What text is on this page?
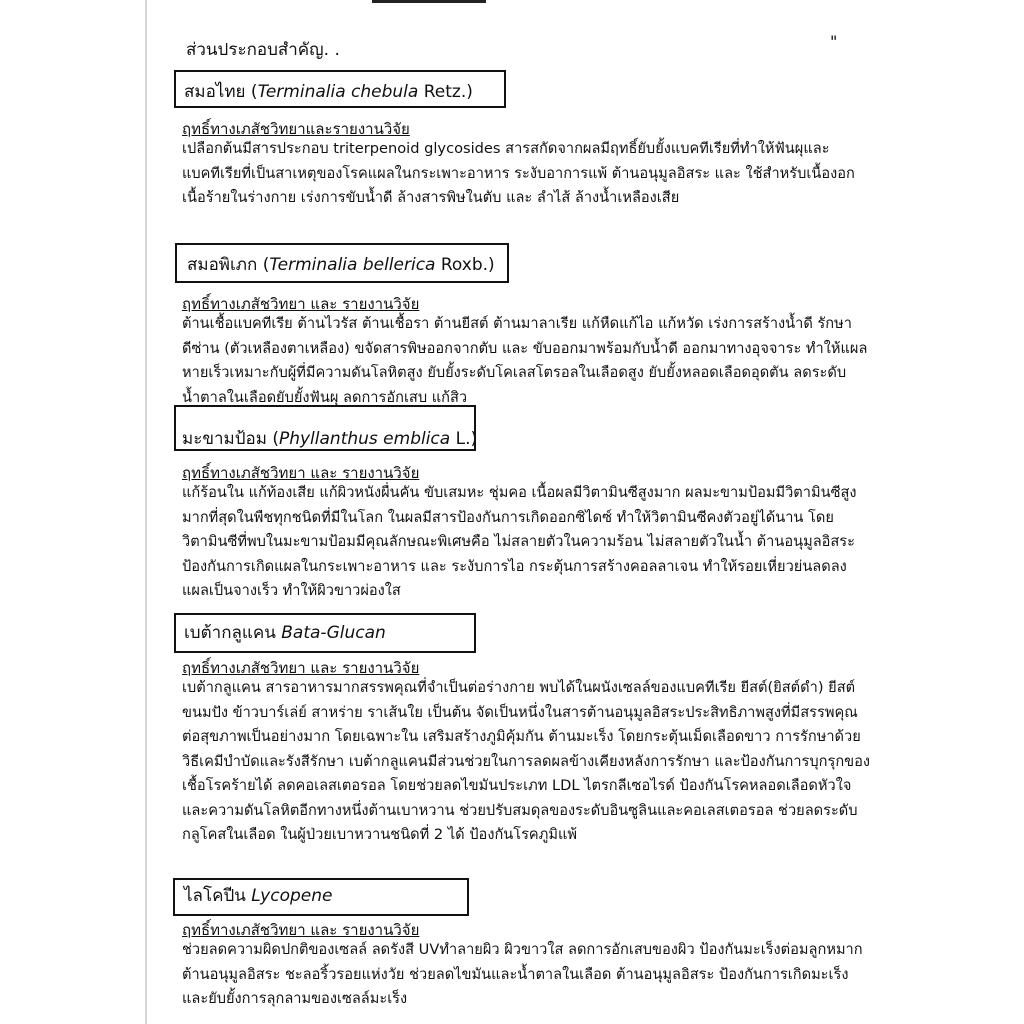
ส่วนประกอบสำคัญ. .	"
สมอไทย (Terminalia chebula Retz.)
ฤทธิ์ทางเภสัชวิทยาและรายงานวิจัย
เปลือกต้นมีสารประกอบ triterpenoid glycosides สารสกัดจากผลมีฤทธิ์ยับยั้งแบคทีเรียที่ทำให้ฟันผุและแบคทีเรียที่เป็นสาเหตุของโรคแผลในกระเพาะอาหาร ระงับอาการแพ้ ต้านอนุมูลอิสระ และ ใช้สำหรับเนื้องอก เนื้อร้ายในร่างกาย เร่งการขับน้ำดี ล้างสารพิษในตับ และ ลำไส้ ล้างน้ำเหลืองเสีย
สมอพิเภก (Terminalia bellerica Roxb.)
ฤทธิ์ทางเภสัชวิทยา และ รายงานวิจัย
ต้านเชื้อแบคทีเรีย ต้านไวรัส ต้านเชื้อรา ต้านยีสต์ ต้านมาลาเรีย แก้หืดแก้ไอ แก้หวัด เร่งการสร้างน้ำดี รักษาดีซ่าน (ตัวเหลืองตาเหลือง) ขจัดสารพิษออกจากตับ และ ขับออกมาพร้อมกับน้ำดี ออกมาทางอุจจาระ ทำให้แผลหายเร็วเหมาะกับผู้ที่มีความดันโลหิตสูง ยับยั้งระดับโคเลสโตรอลในเลือดสูง ยับยั้งหลอดเลือดอุดตัน ลดระดับน้ำตาลในเลือดยับยั้งฟันผุ ลดการอักเสบ แก้สิว
มะขามป้อม (Phyllanthus emblica L.)
ฤทธิ์ทางเภสัชวิทยา และ รายงานวิจัย
แก้ร้อนใน แก้ท้องเสีย แก้ผิวหนังผื่นคัน ขับเสมหะ ชุ่มคอ เนื้อผลมีวิตามินซีสูงมาก ผลมะขามป้อมมีวิตามินซีสูงมากที่สุดในพืชทุกชนิดที่มีในโลก ในผลมีสารป้องกันการเกิดออกซิไดซ์ ทำให้วิตามินซีคงตัวอยู่ได้นาน โดยวิตามินซีที่พบในมะขามป้อมมีคุณลักษณะพิเศษคือ ไม่สลายตัวในความร้อน ไม่สลายตัวในน้ำ ต้านอนุมูลอิสระ ป้องกันการเกิดแผลในกระเพาะอาหาร และ ระงับการไอ กระตุ้นการสร้างคอลลาเจน ทำให้รอยเหี่ยวย่นลดลง แผลเป็นจางเร็ว ทำให้ผิวขาวผ่องใส
เบต้ากลูแคน Bata-Glucan
ฤทธิ์ทางเภสัชวิทยา และ รายงานวิจัย
เบต้ากลูแคน สารอาหารมากสรรพคุณที่จำเป็นต่อร่างกาย พบได้ในผนังเซลล์ของแบคทีเรีย ยีสต์(ยิสต์ดำ) ยีสต์ขนมปัง ข้าวบาร์เล่ย์ สาหร่าย ราเส้นใย เป็นต้น จัดเป็นหนึ่งในสารต้านอนุมูลอิสระประสิทธิภาพสูงที่มีสรรพคุณต่อสุขภาพเป็นอย่างมาก โดยเฉพาะใน เสริมสร้างภูมิคุ้มกัน ต้านมะเร็ง โดยกระตุ้นเม็ดเลือดขาว การรักษาด้วยวิธีเคมีบำบัดและรังสีรักษา เบต้ากลูแคนมีส่วนช่วยในการลดผลข้างเคียงหลังการรักษา และป้องกันการบุกรุกของเชื้อโรคร้ายได้ ลดคอเลสเตอรอล โดยช่วยลดไขมันประเภท LDL ไตรกลีเซอไรด์ ป้องกันโรคหลอดเลือดหัวใจและความดันโลหิตอีกทางหนึ่งต้านเบาหวาน ช่วยปรับสมดุลของระดับอินซูลินและคอเลสเตอรอล ช่วยลดระดับกลูโคสในเลือด ในผู้ป่วยเบาหวานชนิดที่ 2 ได้ ป้องกันโรคภูมิแพ้
ไลโคปีน Lycopene
ฤทธิ์ทางเภสัชวิทยา และ รายงานวิจัย
ช่วยลดความผิดปกติของเซลล์ ลดรังสี UVทำลายผิว ผิวขาวใส ลดการอักเสบของผิว ป้องกันมะเร็งต่อมลูกหมาก ต้านอนุมูลอิสระ ชะลอริ้วรอยแห่งวัย ช่วยลดไขมันและน้ำตาลในเลือด ต้านอนุมูลอิสระ ป้องกันการเกิดมะเร็งและยับยั้งการลุกลามของเซลล์มะเร็ง
